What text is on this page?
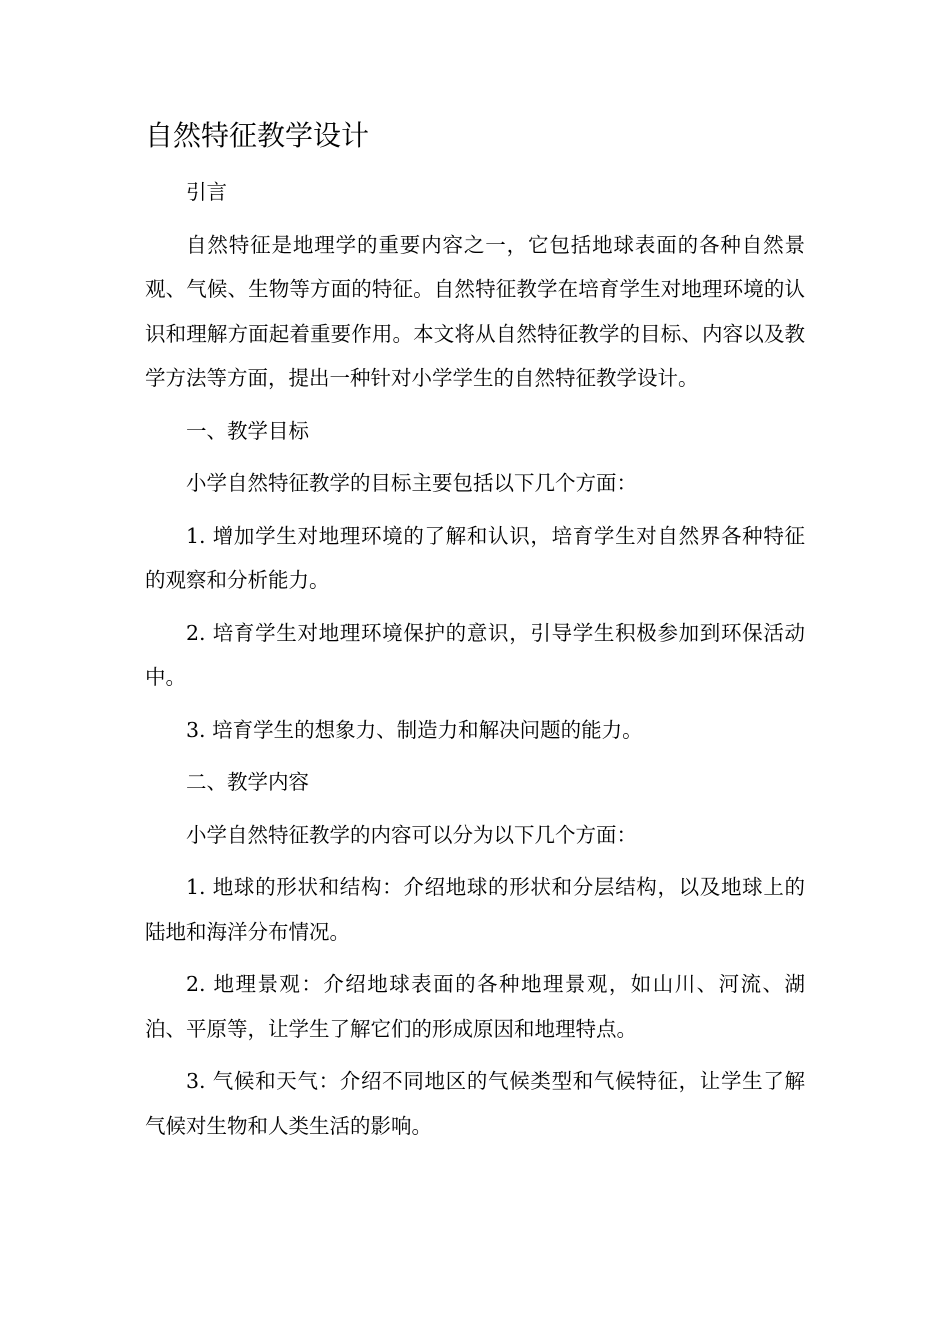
自然特征教学设计

引言

自然特征是地理学的重要内容之一，它包括地球表面的各种自然景观、气候、生物等方面的特征。自然特征教学在培育学生对地理环境的认识和理解方面起着重要作用。本文将从自然特征教学的目标、内容以及教学方法等方面，提出一种针对小学学生的自然特征教学设计。

一、教学目标

小学自然特征教学的目标主要包括以下几个方面：

1. 增加学生对地理环境的了解和认识，培育学生对自然界各种特征的观察和分析能力。

2. 培育学生对地理环境保护的意识，引导学生积极参加到环保活动中。

3. 培育学生的想象力、制造力和解决问题的能力。

二、教学内容

小学自然特征教学的内容可以分为以下几个方面：

1. 地球的形状和结构：介绍地球的形状和分层结构，以及地球上的陆地和海洋分布情况。

2. 地理景观：介绍地球表面的各种地理景观，如山川、河流、湖泊、平原等，让学生了解它们的形成原因和地理特点。

3. 气候和天气：介绍不同地区的气候类型和气候特征，让学生了解气候对生物和人类生活的影响。
